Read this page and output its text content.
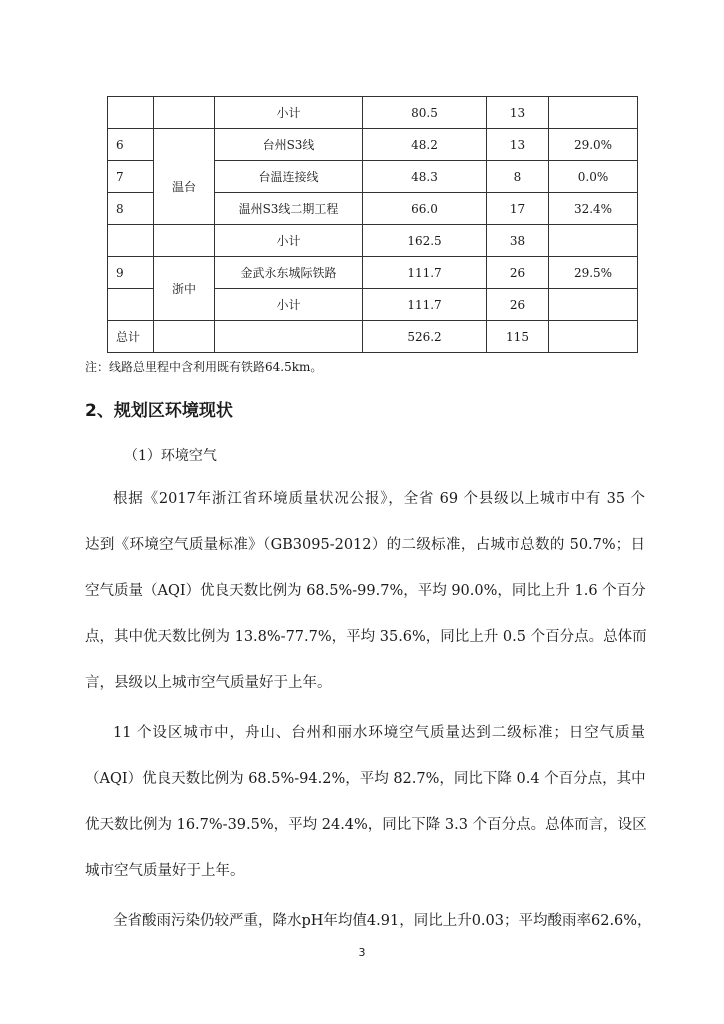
		小计	80.5	13	
6	温台	台州S3线	48.2	13	29.0%
7		台温连接线	48.3	8	0.0%
8		温州S3线二期工程	66.0	17	32.4%
		小计	162.5	38	
9	浙中	金武永东城际铁路	111.7	26	29.5%
		小计	111.7	26	
总计			526.2	115	
注：线路总里程中含利用既有铁路64.5km。
2、规划区环境现状
（1）环境空气
根据《2017年浙江省环境质量状况公报》，全省 69 个县级以上城市中有 35 个
达到《环境空气质量标准》（GB3095-2012）的二级标准，占城市总数的 50.7%；日
空气质量（AQI）优良天数比例为 68.5%-99.7%，平均 90.0%，同比上升 1.6 个百分
点，其中优天数比例为 13.8%-77.7%，平均 35.6%，同比上升 0.5 个百分点。总体而
言，县级以上城市空气质量好于上年。
11 个设区城市中，舟山、台州和丽水环境空气质量达到二级标准；日空气质量
（AQI）优良天数比例为 68.5%-94.2%，平均 82.7%，同比下降 0.4 个百分点，其中
优天数比例为 16.7%-39.5%，平均 24.4%，同比下降 3.3 个百分点。总体而言，设区
城市空气质量好于上年。
全省酸雨污染仍较严重，降水pH年均值4.91，同比上升0.03；平均酸雨率62.6%，
3
